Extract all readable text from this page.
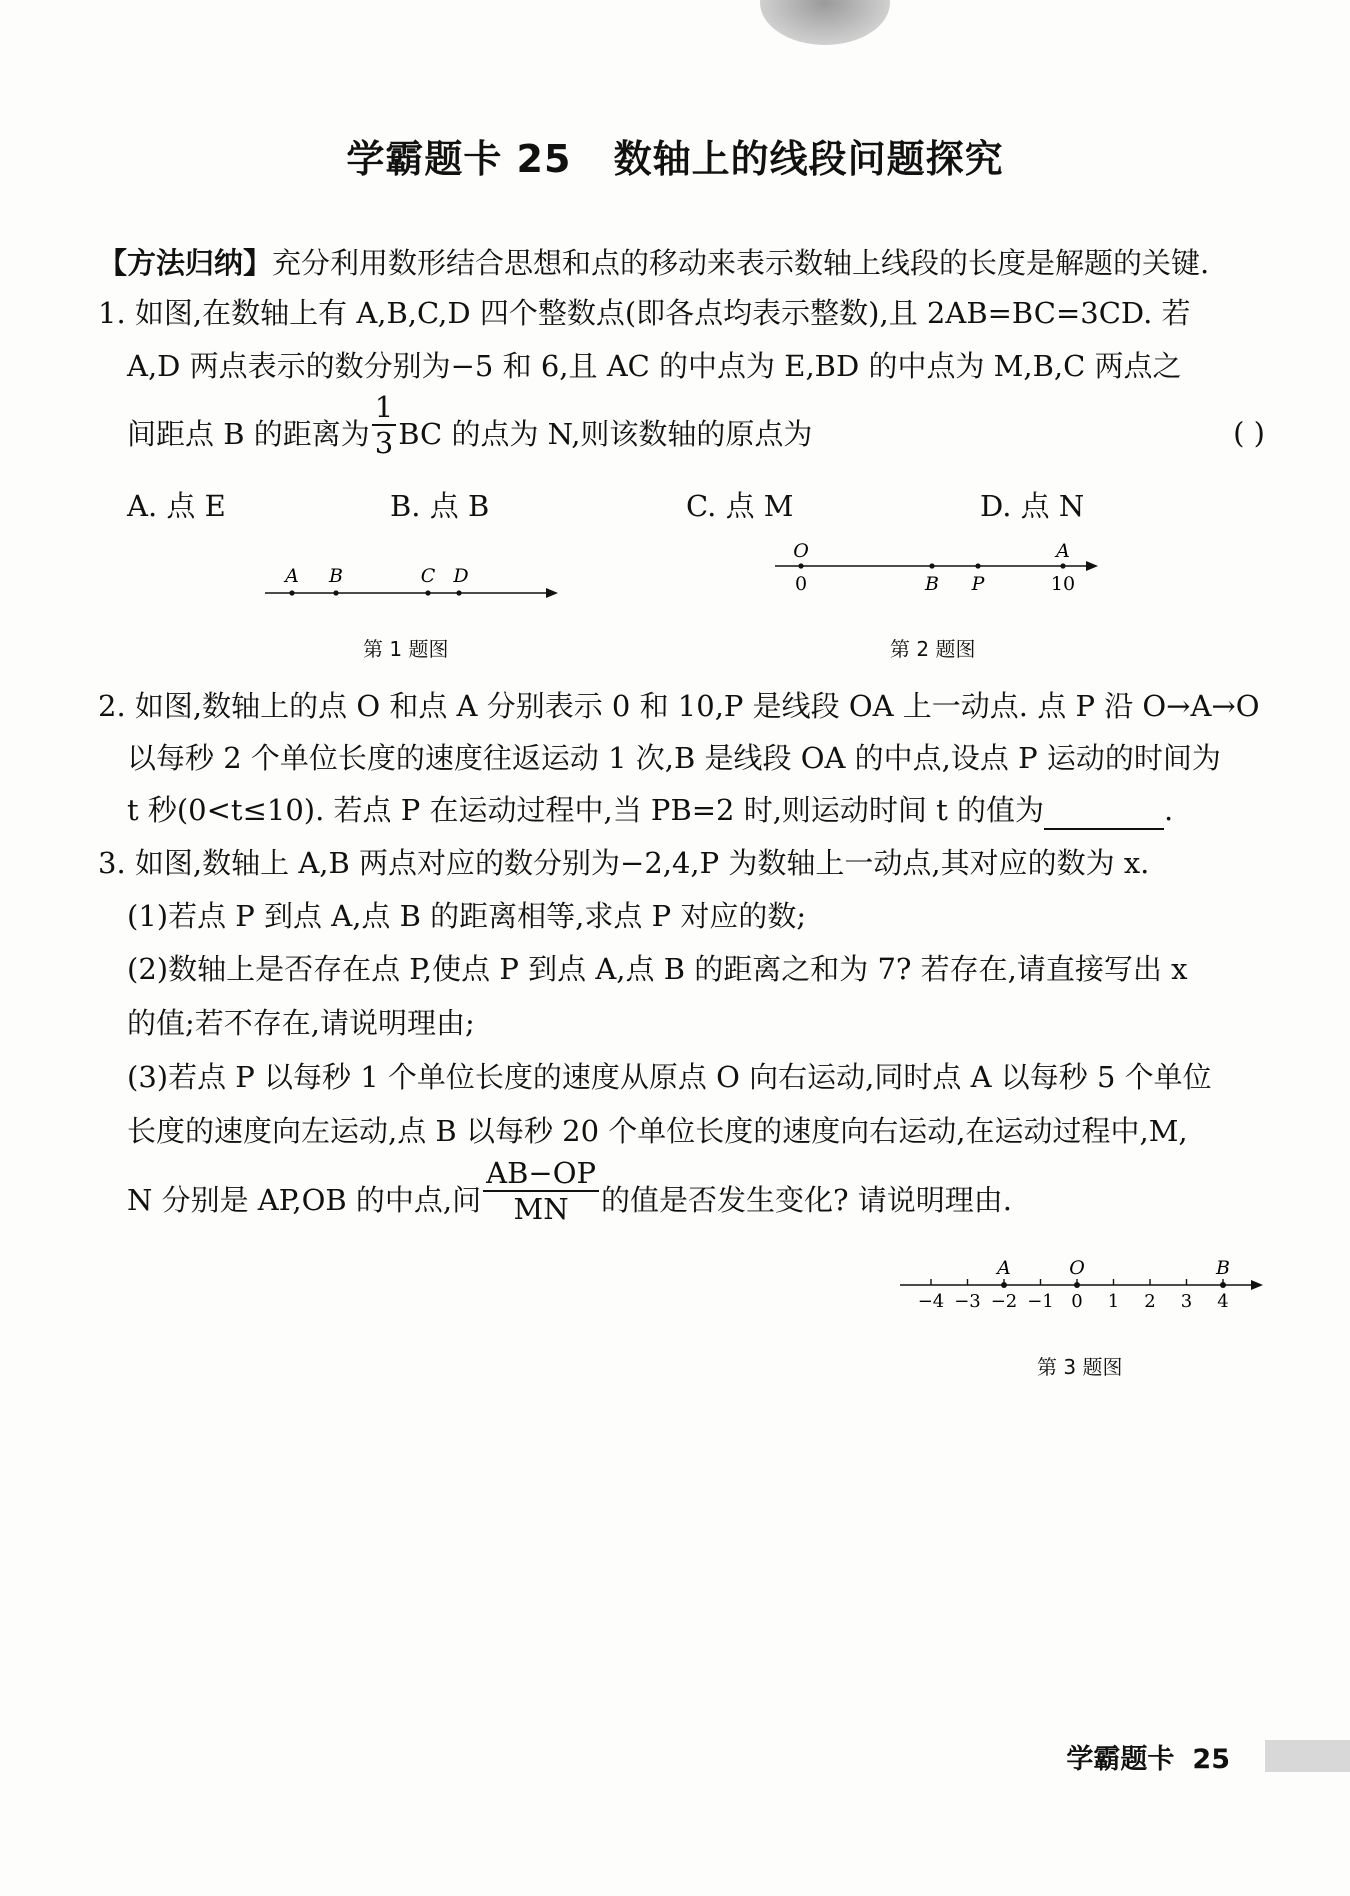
学霸题卡 25 数轴上的线段问题探究
【方法归纳】充分利用数形结合思想和点的移动来表示数轴上线段的长度是解题的关键.
1. 如图,在数轴上有 A,B,C,D 四个整数点(即各点均表示整数),且 2AB=BC=3CD. 若
A,D 两点表示的数分别为−5 和 6,且 AC 的中点为 E,BD 的中点为 M,B,C 两点之
间距点 B 的距离为 $\frac{1}{3}$ BC 的点为 N,则该数轴的原点为	( )
A. 点 E	B. 点 B	C. 点 M	D. 点 N
A B	C D
第 1 题图
O	A
0	B P	10
第 2 题图
2. 如图,数轴上的点 O 和点 A 分别表示 0 和 10,P 是线段 OA 上一动点. 点 P 沿 O→A→O
以每秒 2 个单位长度的速度往返运动 1 次,B 是线段 OA 的中点,设点 P 运动的时间为
t 秒(0<t≤10). 若点 P 在运动过程中,当 PB=2 时,则运动时间 t 的值为	.
3. 如图,数轴上 A,B 两点对应的数分别为−2,4,P 为数轴上一动点,其对应的数为 x.
(1)若点 P 到点 A,点 B 的距离相等,求点 P 对应的数;
(2)数轴上是否存在点 P,使点 P 到点 A,点 B 的距离之和为 7? 若存在,请直接写出 x
的值;若不存在,请说明理由;
(3)若点 P 以每秒 1 个单位长度的速度从原点 O 向右运动,同时点 A 以每秒 5 个单位
长度的速度向左运动,点 B 以每秒 20 个单位长度的速度向右运动,在运动过程中,M,
N 分别是 AP,OB 的中点,问 $\frac{AB-OP}{MN}$ 的值是否发生变化? 请说明理由.
−4 −3 −2 −1 0 1 2 3 4
A	O	B
第 3 题图
学霸题卡 25
